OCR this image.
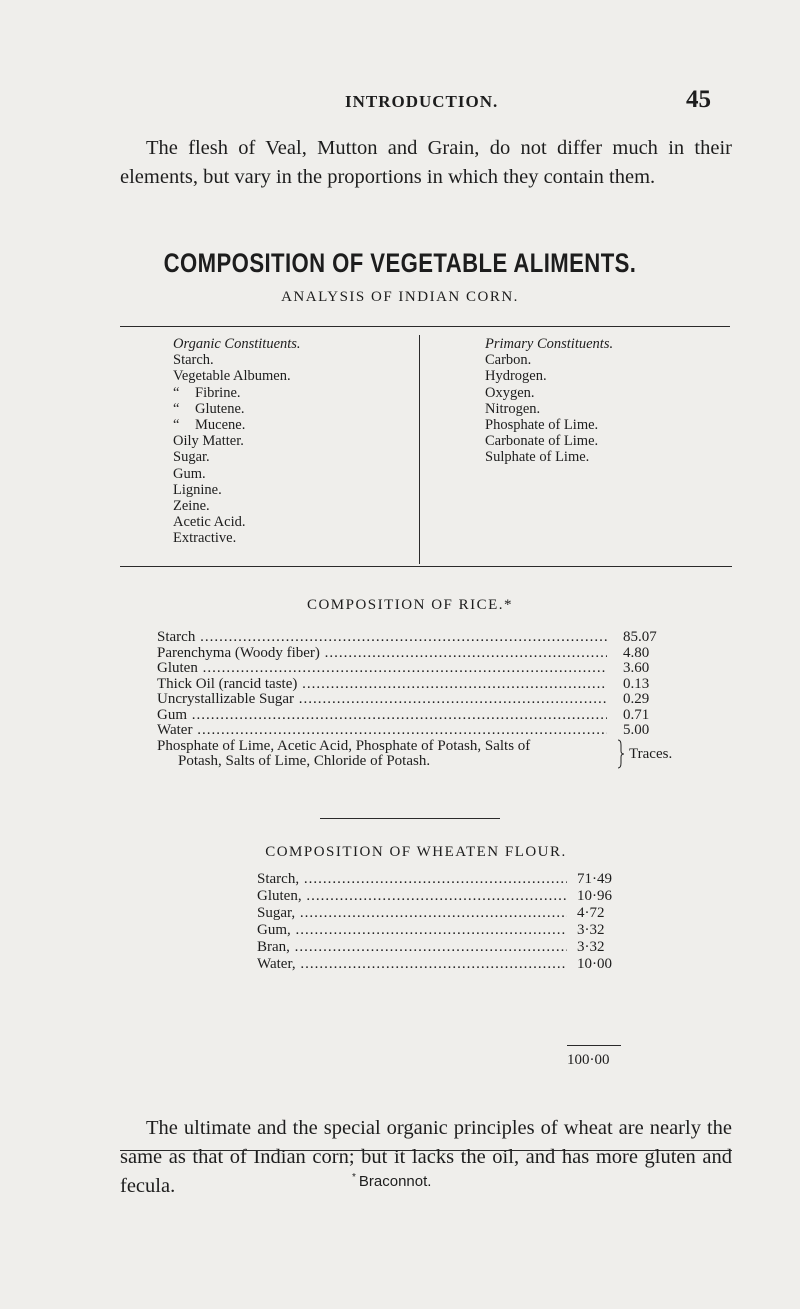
INTRODUCTION.	45

The flesh of Veal, Mutton and Grain, do not differ much in their elements, but vary in the proportions in which they contain them.

COMPOSITION OF VEGETABLE ALIMENTS.
ANALYSIS OF INDIAN CORN.
Organic Constituents.
Starch.
Vegetable Albumen.
“ Fibrine.
“ Glutene.
“ Mucene.
Oily Matter.
Sugar.
Gum.
Lignine.
Zeine.
Acetic Acid.
Extractive.
Primary Constituents.
Carbon.
Hydrogen.
Oxygen.
Nitrogen.
Phosphate of Lime.
Carbonate of Lime.
Sulphate of Lime.
COMPOSITION OF RICE.*
Starch .....	85.07
Parenchyma (Woody fiber) .....	4.80
Gluten .....	3.60
Thick Oil (rancid taste) .....	0.13
Uncrystallizable Sugar .....	0.29
Gum .....	0.71
Water .....	5.00
Phosphate of Lime, Acetic Acid, Phosphate of Potash, Salts of
Potash, Salts of Lime, Chloride of Potash.	Traces.
COMPOSITION OF WHEATEN FLOUR.
Starch, .....	71·49
Gluten, .....	10·96
Sugar, .....	4·72
Gum, .....	3·32
Bran, .....	3·32
Water, .....	10·00
100·00

The ultimate and the special organic principles of wheat are nearly the same as that of Indian corn; but it lacks the oil, and has more gluten and fecula.	* Braconnot.
